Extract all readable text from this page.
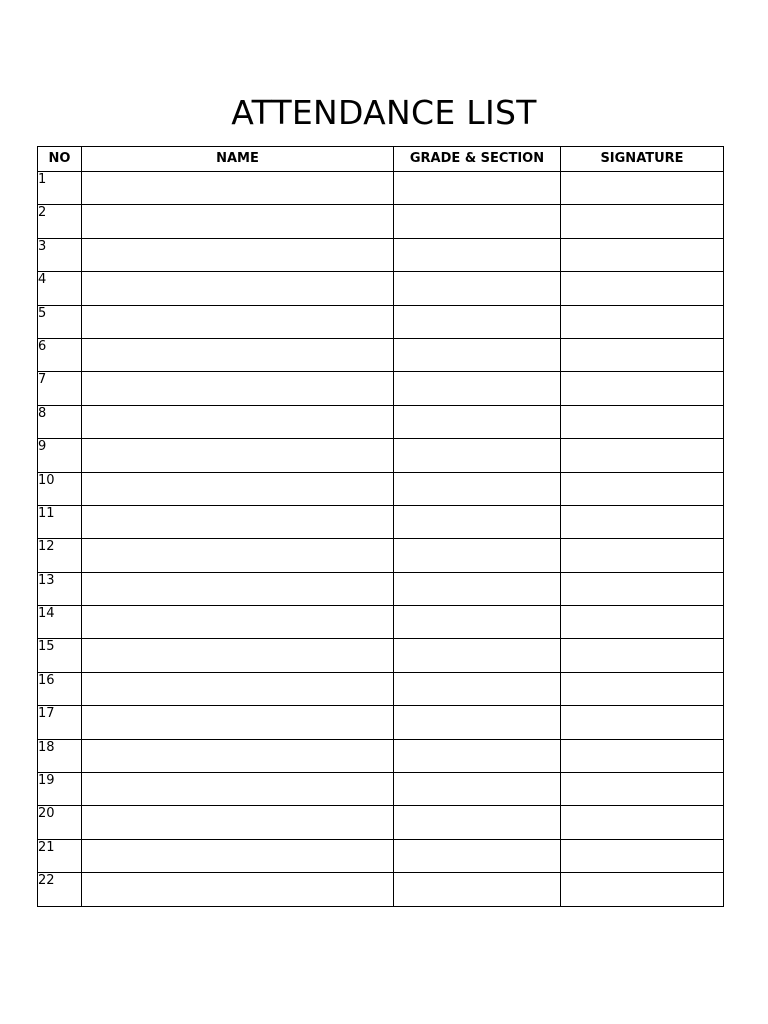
ATTENDANCE LIST
NO	NAME	GRADE & SECTION	SIGNATURE
1			
2			
3			
4			
5			
6			
7			
8			
9			
10			
11			
12			
13			
14			
15			
16			
17			
18			
19			
20			
21			
22			
